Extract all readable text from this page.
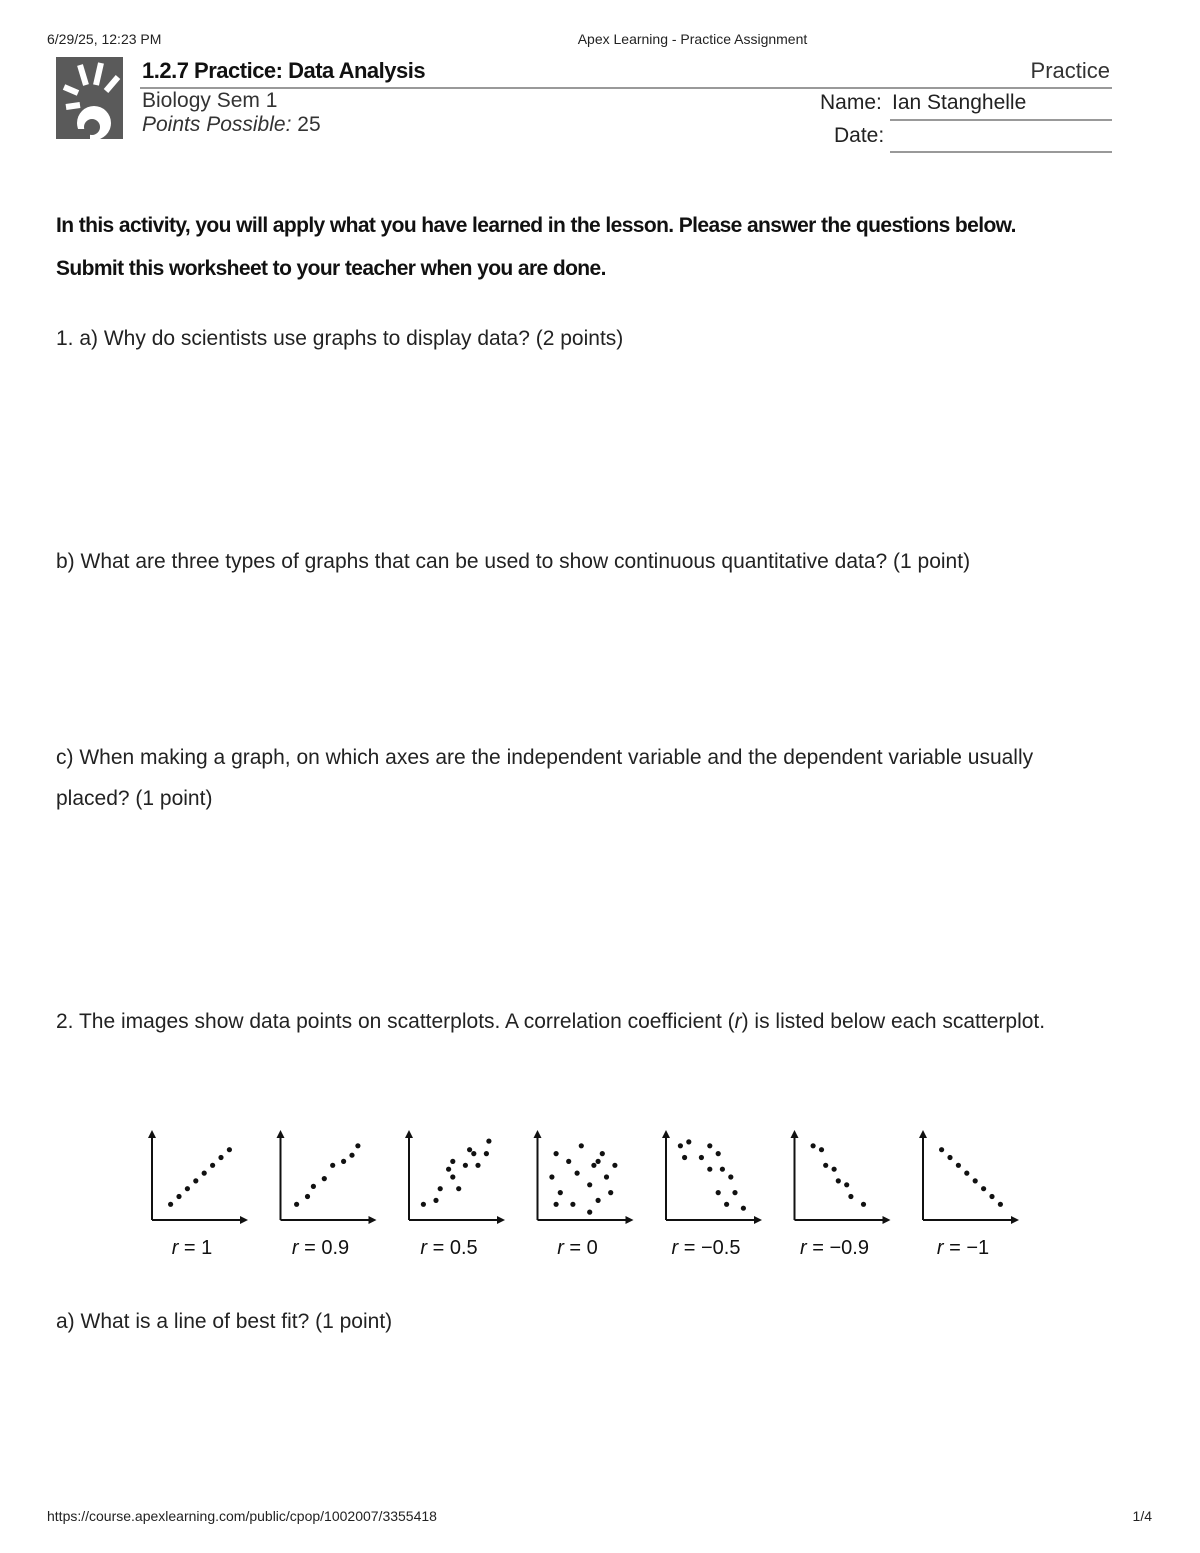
6/29/25, 12:23 PM	Apex Learning - Practice Assignment
1.2.7 Practice: Data Analysis	Practice
Biology Sem 1
Points Possible: 25
Name: Ian Stanghelle
Date:
In this activity, you will apply what you have learned in the lesson. Please answer the questions below. Submit this worksheet to your teacher when you are done.
1. a) Why do scientists use graphs to display data? (2 points)
b) What are three types of graphs that can be used to show continuous quantitative data? (1 point)
c) When making a graph, on which axes are the independent variable and the dependent variable usually placed? (1 point)
2. The images show data points on scatterplots. A correlation coefficient (r) is listed below each scatterplot.
r = 1	r = 0.9	r = 0.5	r = 0	r = −0.5	r = −0.9	r = −1
a) What is a line of best fit? (1 point)
https://course.apexlearning.com/public/cpop/1002007/3355418	1/4
